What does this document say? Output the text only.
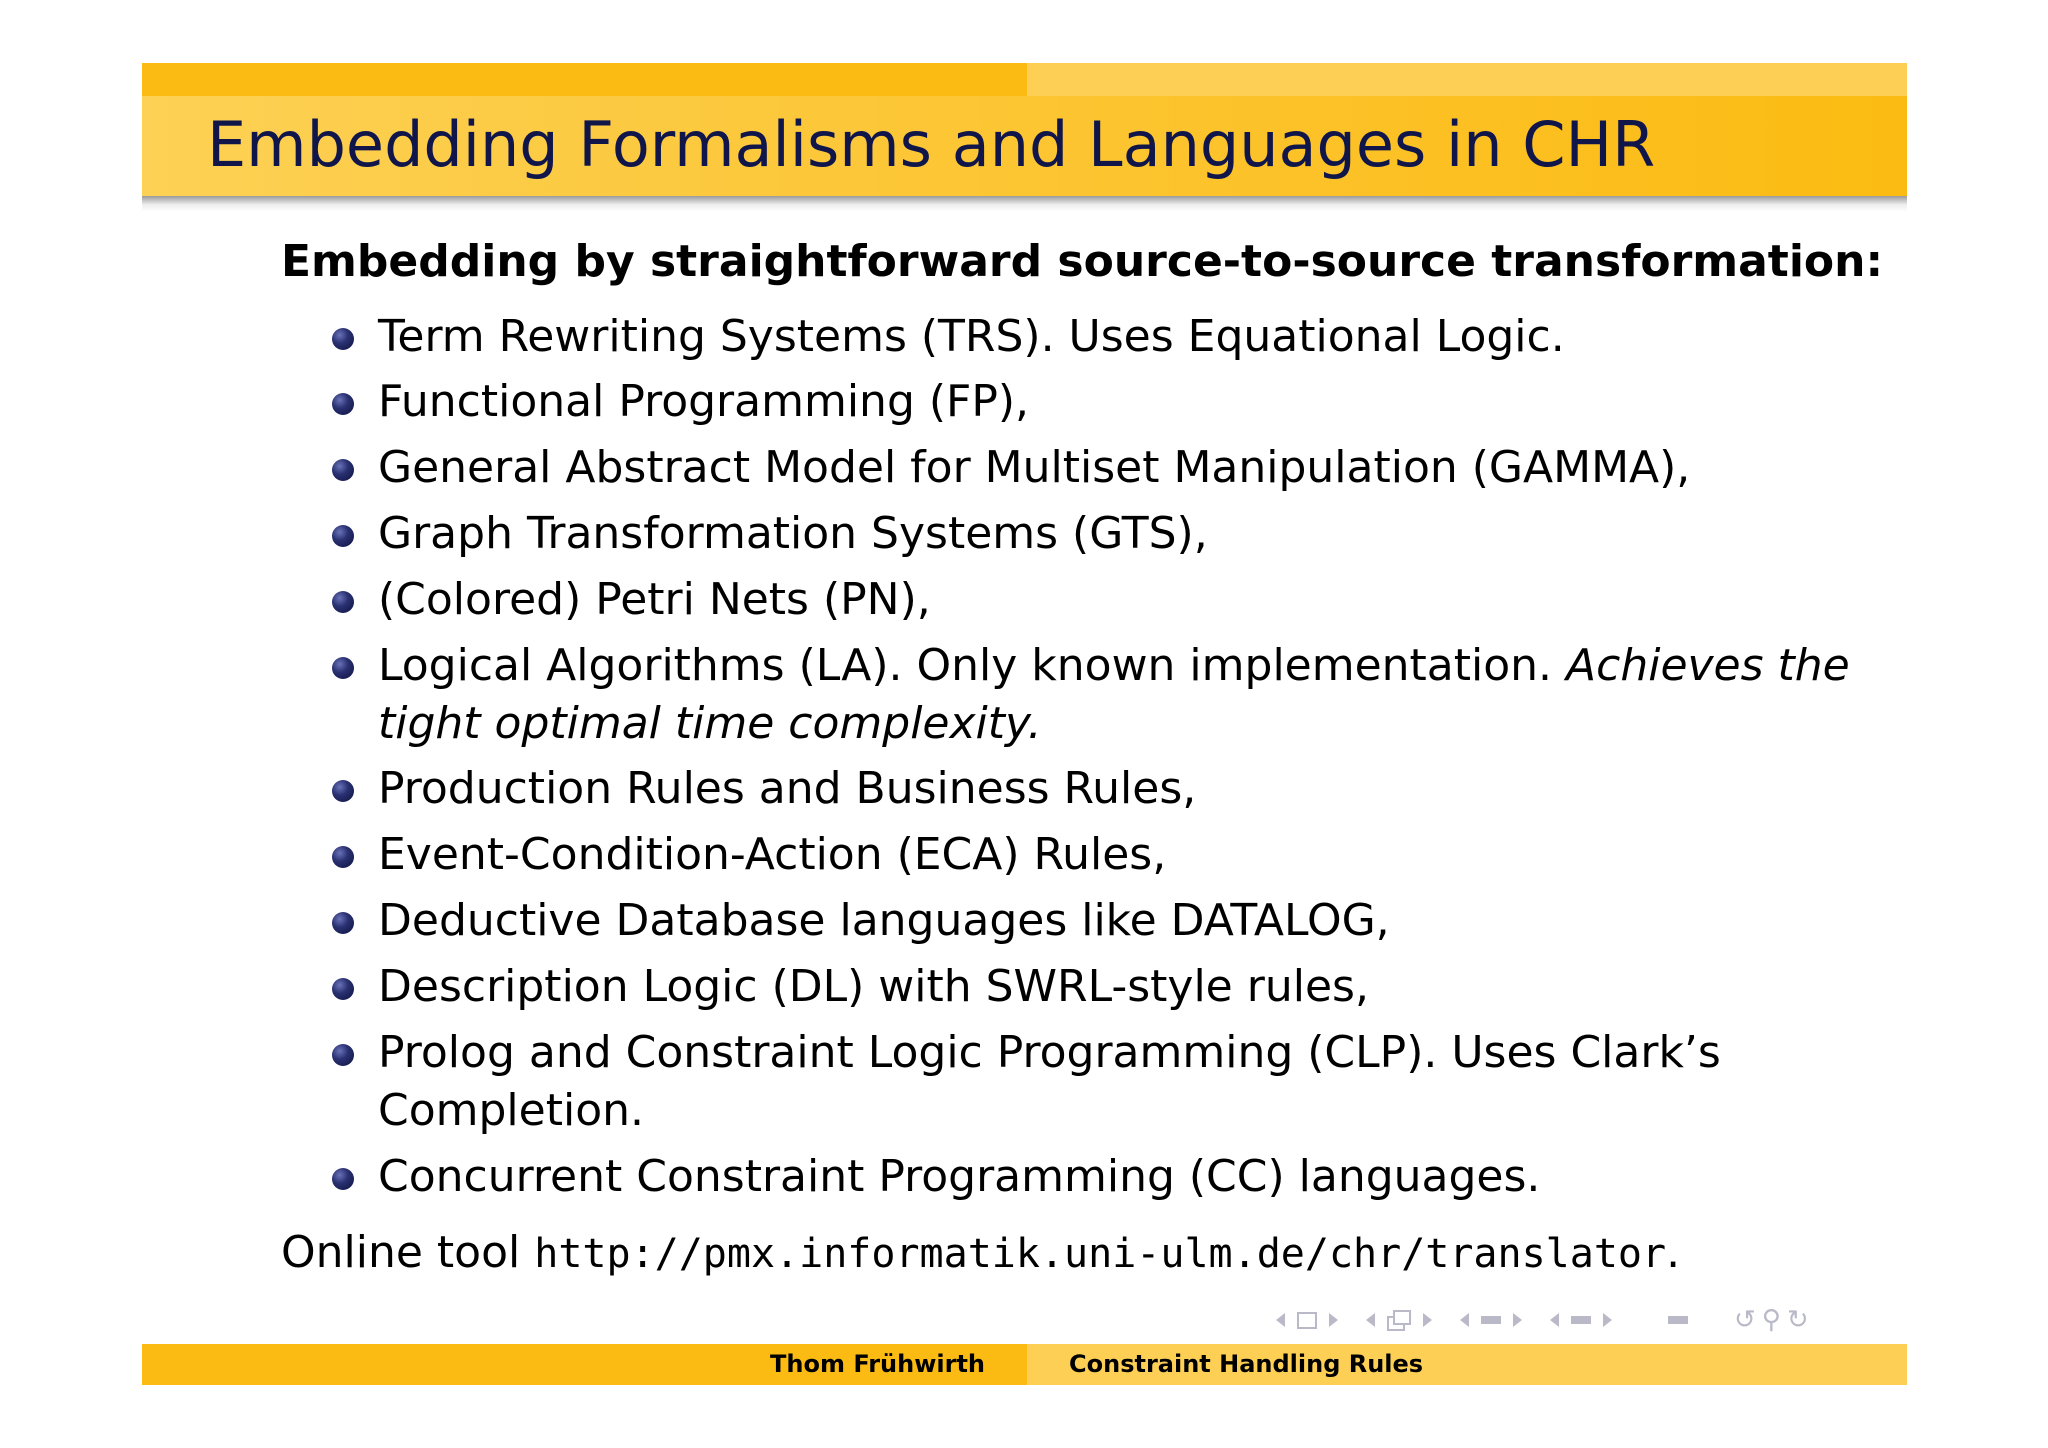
Embedding Formalisms and Languages in CHR
Embedding by straightforward source-to-source transformation:
Term Rewriting Systems (TRS). Uses Equational Logic.
Functional Programming (FP),
General Abstract Model for Multiset Manipulation (GAMMA),
Graph Transformation Systems (GTS),
(Colored) Petri Nets (PN),
Logical Algorithms (LA). Only known implementation. Achieves the
tight optimal time complexity.
Production Rules and Business Rules,
Event-Condition-Action (ECA) Rules,
Deductive Database languages like DATALOG,
Description Logic (DL) with SWRL-style rules,
Prolog and Constraint Logic Programming (CLP). Uses Clark’s
Completion.
Concurrent Constraint Programming (CC) languages.
Online tool http://pmx.informatik.uni-ulm.de/chr/translator.
↺ ⚲ ↻
Thom Frühwirth	Constraint Handling Rules
